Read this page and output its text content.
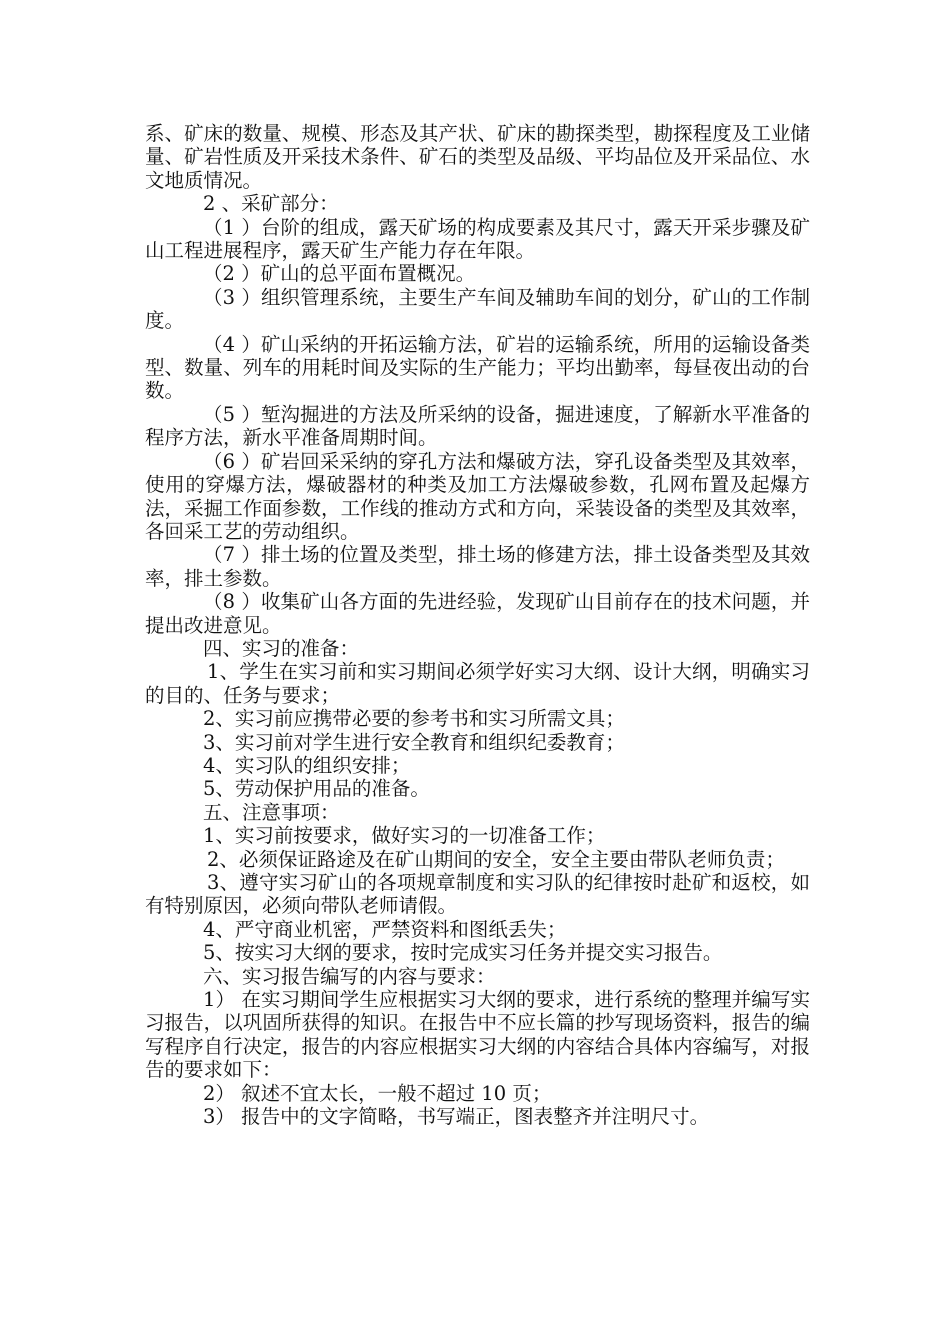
系、矿床的数量、规模、形态及其产状、矿床的勘探类型，勘探程度及工业储量、矿岩性质及开采技术条件、矿石的类型及品级、平均品位及开采品位、水文地质情况。

2 、采矿部分：

（1 ）台阶的组成，露天矿场的构成要素及其尺寸，露天开采步骤及矿山工程进展程序，露天矿生产能力存在年限。

（2 ）矿山的总平面布置概况。

（3 ）组织管理系统，主要生产车间及辅助车间的划分，矿山的工作制度。

（4 ）矿山采纳的开拓运输方法，矿岩的运输系统，所用的运输设备类型、数量、列车的用耗时间及实际的生产能力；平均出勤率，每昼夜出动的台数。

（5 ）堑沟掘进的方法及所采纳的设备，掘进速度，了解新水平准备的程序方法，新水平准备周期时间。

（6 ）矿岩回采采纳的穿孔方法和爆破方法，穿孔设备类型及其效率，使用的穿爆方法，爆破器材的种类及加工方法爆破参数，孔网布置及起爆方法，采掘工作面参数，工作线的推动方式和方向，采装设备的类型及其效率，各回采工艺的劳动组织。

（7 ）排土场的位置及类型，排土场的修建方法，排土设备类型及其效率，排土参数。

（8 ）收集矿山各方面的先进经验，发现矿山目前存在的技术问题，并提出改进意见。

四、实习的准备：

1、学生在实习前和实习期间必须学好实习大纲、设计大纲，明确实习的目的、任务与要求；

2、实习前应携带必要的参考书和实习所需文具；

3、实习前对学生进行安全教育和组织纪委教育；

4、实习队的组织安排；

5、劳动保护用品的准备。

五、注意事项：

1、实习前按要求，做好实习的一切准备工作；

2、必须保证路途及在矿山期间的安全，安全主要由带队老师负责；

3、遵守实习矿山的各项规章制度和实习队的纪律按时赴矿和返校，如有特别原因，必须向带队老师请假。

4、严守商业机密，严禁资料和图纸丢失；

5、按实习大纲的要求，按时完成实习任务并提交实习报告。

六、实习报告编写的内容与要求：

1） 在实习期间学生应根据实习大纲的要求，进行系统的整理并编写实习报告，以巩固所获得的知识。在报告中不应长篇的抄写现场资料，报告的编写程序自行决定，报告的内容应根据实习大纲的内容结合具体内容编写，对报告的要求如下：

2） 叙述不宜太长，一般不超过 10 页；

3） 报告中的文字简略，书写端正，图表整齐并注明尺寸。
